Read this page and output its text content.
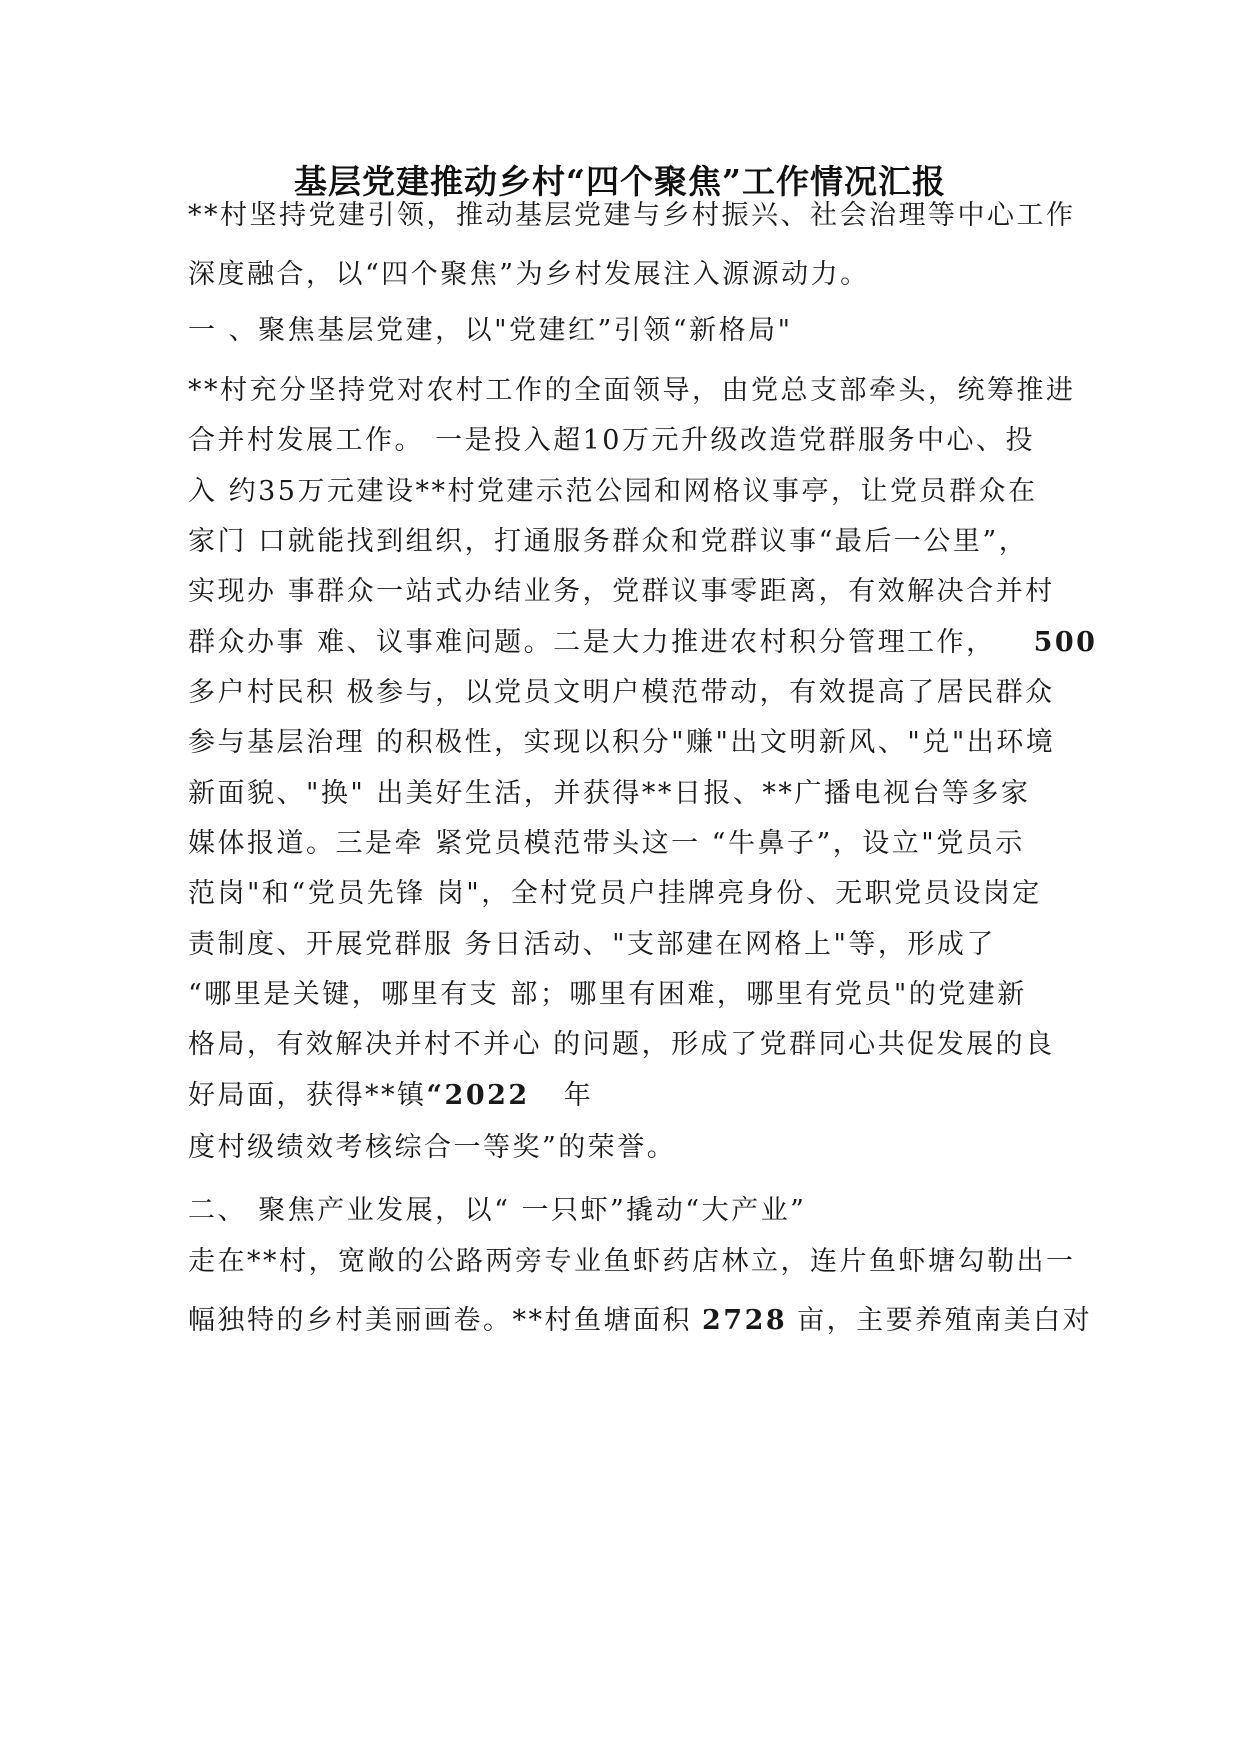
基层党建推动乡村“四个聚焦”工作情况汇报
**村坚持党建引领，推动基层党建与乡村振兴、社会治理等中心工作
深度融合，以“四个聚焦”为乡村发展注入源源动力。
一 、聚焦基层党建，以"党建红”引领“新格局"
**村充分坚持党对农村工作的全面领导，由党总支部牵头，统筹推进
合并村发展工作。 一是投入超10万元升级改造党群服务中心、投
入 约35万元建设**村党建示范公园和网格议事亭，让党员群众在
家门 口就能找到组织，打通服务群众和党群议事“最后一公里”，
实现办 事群众一站式办结业务，党群议事零距离，有效解决合并村
群众办事 难、议事难问题。二是大力推进农村积分管理工作， 500
多户村民积 极参与，以党员文明户模范带动，有效提高了居民群众
参与基层治理 的积极性，实现以积分"赚"出文明新风、"兑"出环境
新面貌、"换" 出美好生活，并获得**日报、**广播电视台等多家
媒体报道。三是牵 紧党员模范带头这一 “牛鼻子”，设立"党员示
范岗"和“党员先锋 岗"，全村党员户挂牌亮身份、无职党员设岗定
责制度、开展党群服 务日活动、"支部建在网格上"等，形成了
“哪里是关键，哪里有支 部；哪里有困难，哪里有党员"的党建新
格局，有效解决并村不并心 的问题，形成了党群同心共促发展的良
好局面，获得**镇“2022 年
度村级绩效考核综合一等奖”的荣誉。
二、 聚焦产业发展，以“ 一只虾”撬动“大产业”
走在**村，宽敞的公路两旁专业鱼虾药店林立，连片鱼虾塘勾勒出一
幅独特的乡村美丽画卷。**村鱼塘面积 2728 亩，主要养殖南美白对
